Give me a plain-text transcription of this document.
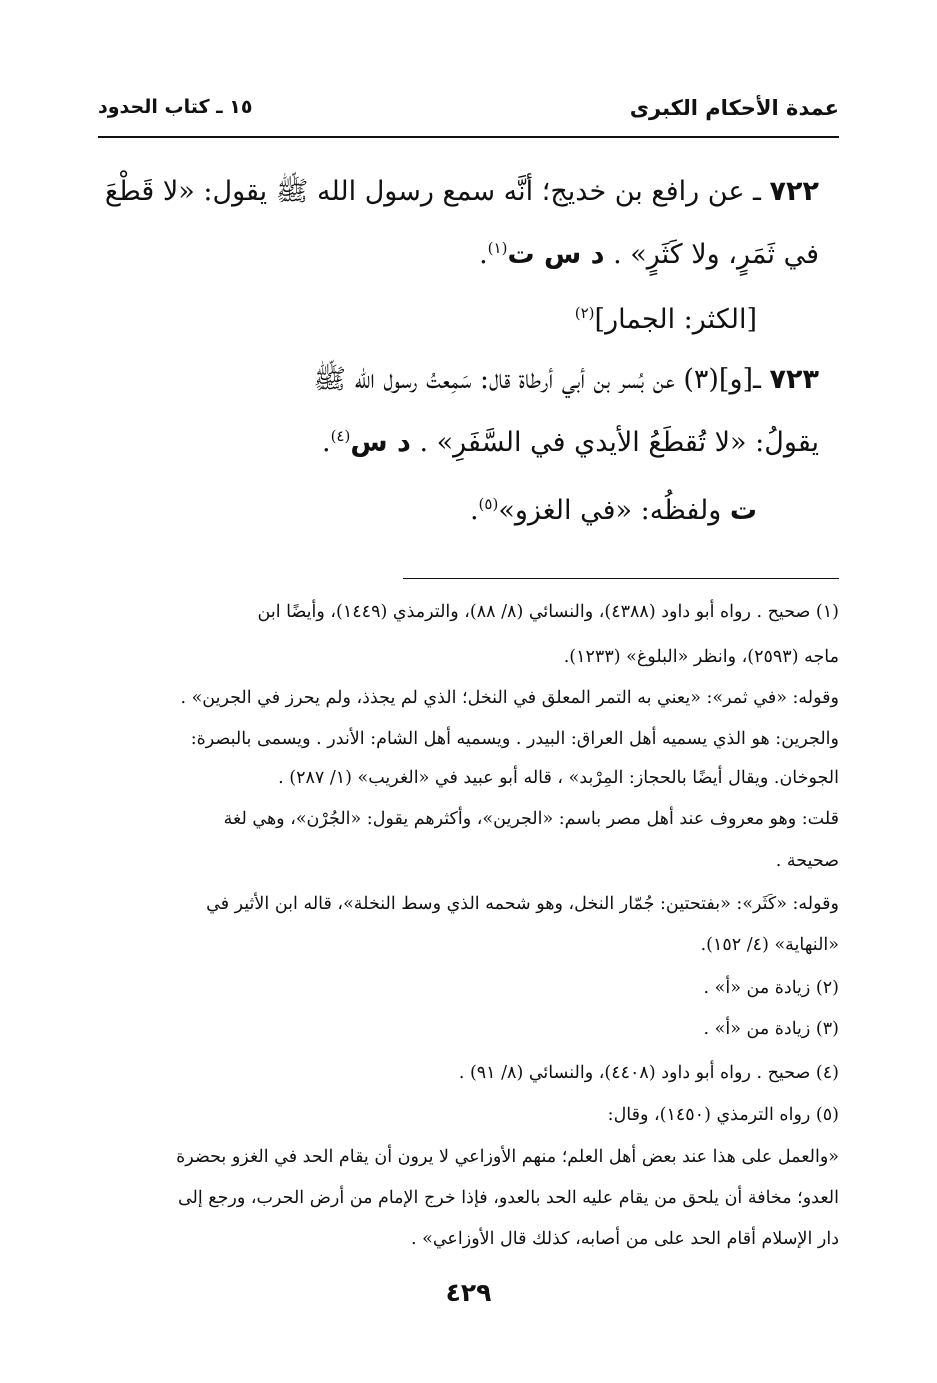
عمدة الأحكام الكبرى
١٥ ـ كتاب الحدود
٧٢٢ ـ عن رافع بن خديج؛ أنَّه سمع رسول الله ﷺ يقول: «لا قَطْعَ
في ثَمَرٍ، ولا كَثَرٍ» . د س ت$^{(١)}$.
[الكثر: الجمار]$^{(٢)}$
٧٢٣ ـ[و](٣) عن بُسر بن أبي أرطاة قال: سَمِعتُ رسول الله ﷺ
يقولُ: «لا تُقطَعُ الأيدي في السَّفَرِ» . د س$^{(٤)}$.
ت ولفظُه: «في الغزو»$^{(٥)}$.
(١) صحيح . رواه أبو داود (٤٣٨٨)، والنسائي (٨/ ٨٨)، والترمذي (١٤٤٩)، وأيضًا ابن
ماجه (٢٥٩٣)، وانظر «البلوغ» (١٢٣٣).
وقوله: «في ثمر»: «يعني به التمر المعلق في النخل؛ الذي لم يجذذ، ولم يحرز في الجرين» .
والجرين: هو الذي يسميه أهل العراق: البيدر . ويسميه أهل الشام: الأندر . ويسمى بالبصرة:
الجوخان. ويقال أيضًا بالحجاز: المِرْبد» ، قاله أبو عبيد في «الغريب» (١/ ٢٨٧) .
قلت: وهو معروف عند أهل مصر باسم: «الجرين»، وأكثرهم يقول: «الجُرْن»، وهي لغة
صحيحة .
وقوله: «كَثَر»: «بفتحتين: جُمّار النخل، وهو شحمه الذي وسط النخلة»، قاله ابن الأثير في
«النهاية» (٤/ ١٥٢).
(٢) زيادة من «أ» .
(٣) زيادة من «أ» .
(٤) صحيح . رواه أبو داود (٤٤٠٨)، والنسائي (٨/ ٩١) .
(٥) رواه الترمذي (١٤٥٠)، وقال:
«والعمل على هذا عند بعض أهل العلم؛ منهم الأوزاعي لا يرون أن يقام الحد في الغزو بحضرة
العدو؛ مخافة أن يلحق من يقام عليه الحد بالعدو، فإذا خرج الإمام من أرض الحرب، ورجع إلى
دار الإسلام أقام الحد على من أصابه، كذلك قال الأوزاعي» .
٤٢٩
